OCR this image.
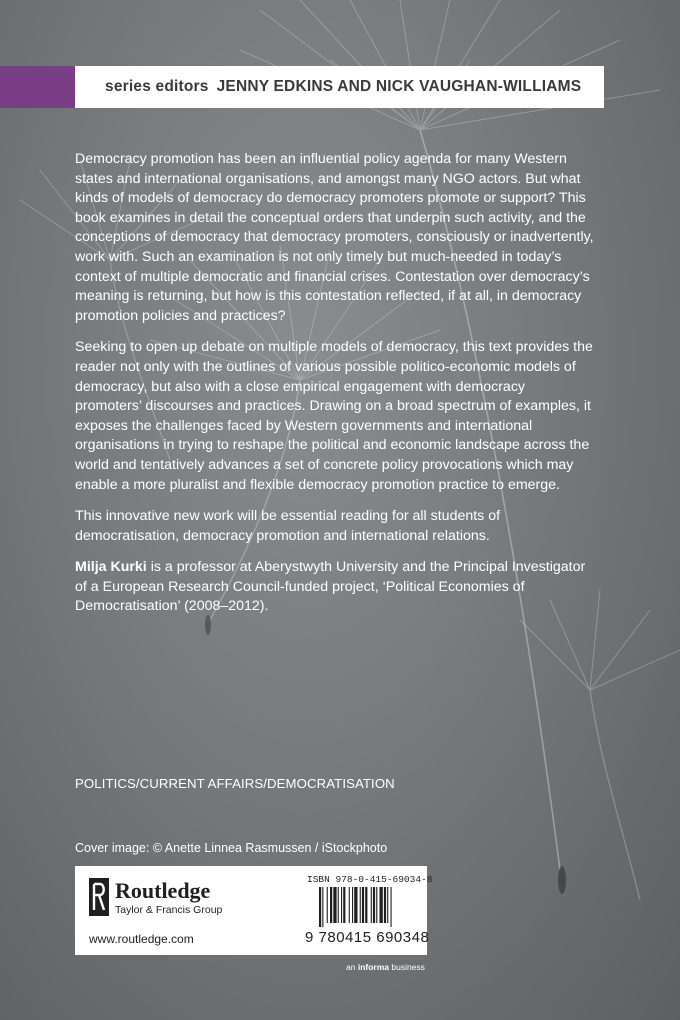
series editors JENNY EDKINS AND NICK VAUGHAN-WILLIAMS

Democracy promotion has been an influential policy agenda for many Western states and international organisations, and amongst many NGO actors. But what kinds of models of democracy do democracy promoters promote or support? This book examines in detail the conceptual orders that underpin such activity, and the conceptions of democracy that democracy promoters, consciously or inadvertently, work with. Such an examination is not only timely but much-needed in today’s context of multiple democratic and financial crises. Contestation over democracy’s meaning is returning, but how is this contestation reflected, if at all, in democracy promotion policies and practices?

Seeking to open up debate on multiple models of democracy, this text provides the reader not only with the outlines of various possible politico-economic models of democracy, but also with a close empirical engagement with democracy promoters’ discourses and practices. Drawing on a broad spectrum of examples, it exposes the challenges faced by Western governments and international organisations in trying to reshape the political and economic landscape across the world and tentatively advances a set of concrete policy provocations which may enable a more pluralist and flexible democracy promotion practice to emerge.

This innovative new work will be essential reading for all students of democratisation, democracy promotion and international relations.

Milja Kurki is a professor at Aberystwyth University and the Principal Investigator of a European Research Council-funded project, ‘Political Economies of Democratisation’ (2008–2012).

POLITICS/CURRENT AFFAIRS/DEMOCRATISATION
Cover image: © Anette Linnea Rasmussen / iStockphoto
Routledge
Taylor & Francis Group
www.routledge.com
ISBN 978-0-415-69034-8
9 780415 690348
an informa business
